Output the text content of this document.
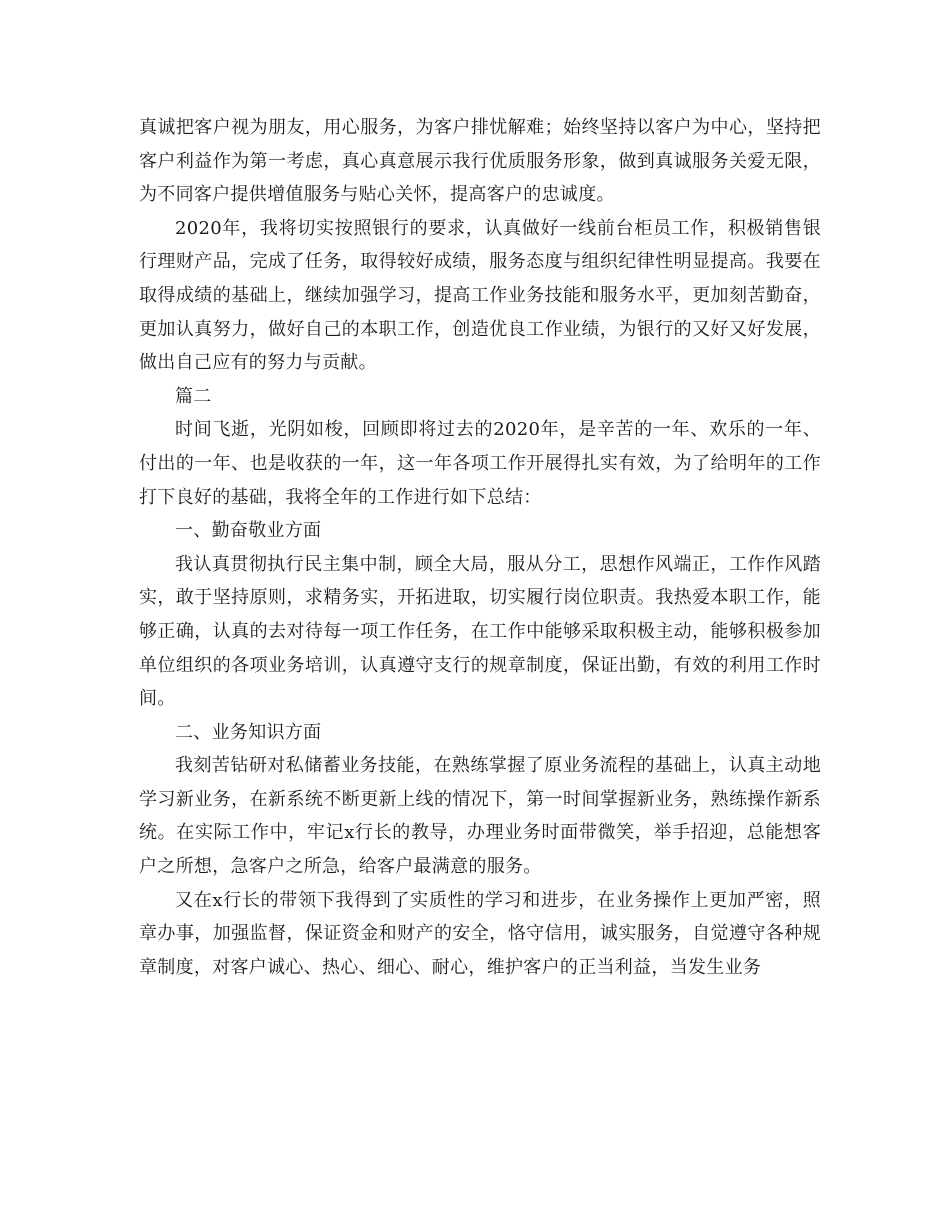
真诚把客户视为朋友，用心服务，为客户排忧解难；始终坚持以客户为中心，坚持把客户利益作为第一考虑，真心真意展示我行优质服务形象，做到真诚服务关爱无限，为不同客户提供增值服务与贴心关怀，提高客户的忠诚度。

2020年，我将切实按照银行的要求，认真做好一线前台柜员工作，积极销售银行理财产品，完成了任务，取得较好成绩，服务态度与组织纪律性明显提高。我要在取得成绩的基础上，继续加强学习，提高工作业务技能和服务水平，更加刻苦勤奋，更加认真努力，做好自己的本职工作，创造优良工作业绩，为银行的又好又好发展，做出自己应有的努力与贡献。

篇二

时间飞逝，光阴如梭，回顾即将过去的2020年，是辛苦的一年、欢乐的一年、付出的一年、也是收获的一年，这一年各项工作开展得扎实有效，为了给明年的工作打下良好的基础，我将全年的工作进行如下总结：

一、勤奋敬业方面

我认真贯彻执行民主集中制，顾全大局，服从分工，思想作风端正，工作作风踏实，敢于坚持原则，求精务实，开拓进取，切实履行岗位职责。我热爱本职工作，能够正确，认真的去对待每一项工作任务，在工作中能够采取积极主动，能够积极参加单位组织的各项业务培训，认真遵守支行的规章制度，保证出勤，有效的利用工作时间。

二、业务知识方面

我刻苦钻研对私储蓄业务技能，在熟练掌握了原业务流程的基础上，认真主动地学习新业务，在新系统不断更新上线的情况下，第一时间掌握新业务，熟练操作新系统。在实际工作中，牢记x行长的教导，办理业务时面带微笑，举手招迎，总能想客户之所想，急客户之所急，给客户最满意的服务。

又在x行长的带领下我得到了实质性的学习和进步，在业务操作上更加严密，照章办事，加强监督，保证资金和财产的安全，恪守信用，诚实服务，自觉遵守各种规章制度，对客户诚心、热心、细心、耐心，维护客户的正当利益，当发生业务
